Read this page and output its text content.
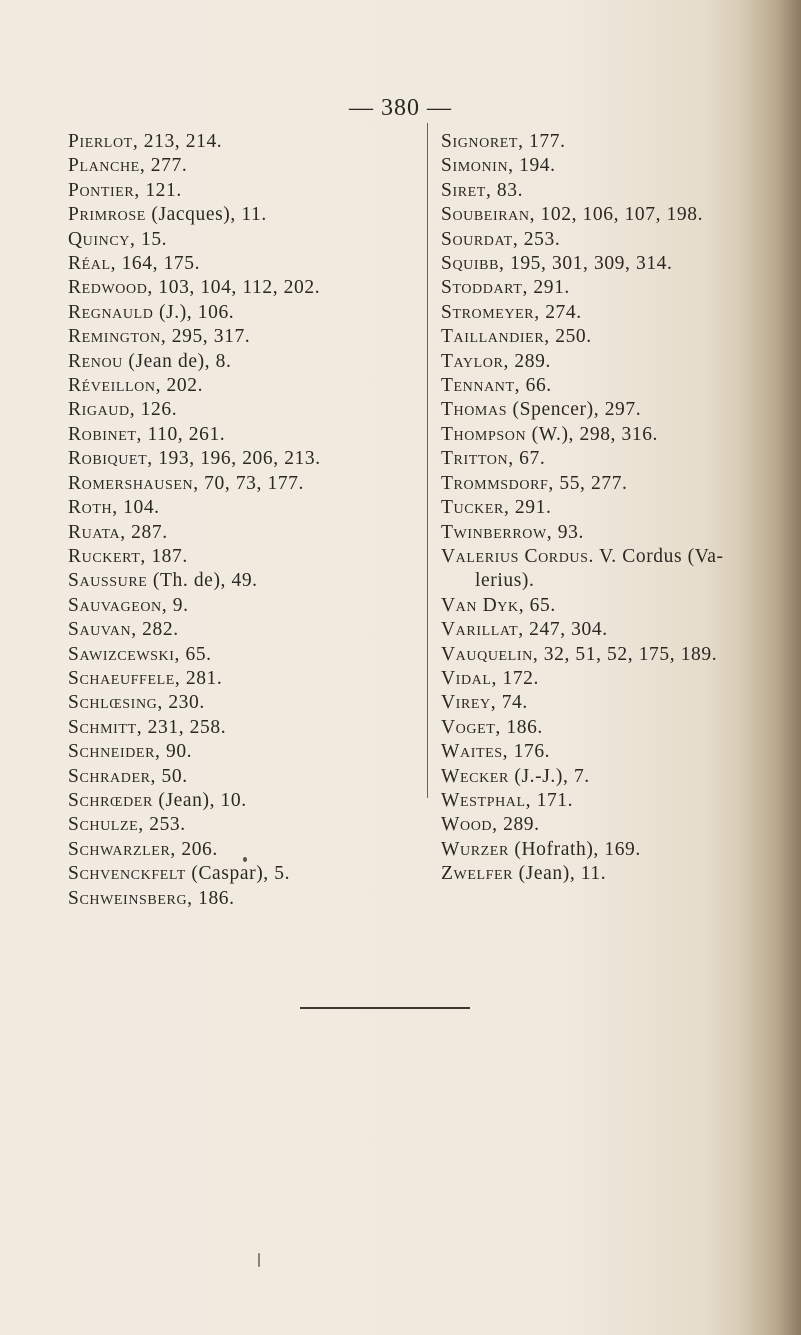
— 380 —
Pierlot, 213, 214.
Planche, 277.
Pontier, 121.
Primrose (Jacques), 11.
Quincy, 15.
Réal, 164, 175.
Redwood, 103, 104, 112, 202.
Regnauld (J.), 106.
Remington, 295, 317.
Renou (Jean de), 8.
Réveillon, 202.
Rigaud, 126.
Robinet, 110, 261.
Robiquet, 193, 196, 206, 213.
Romershausen, 70, 73, 177.
Roth, 104.
Ruata, 287.
Ruckert, 187.
Saussure (Th. de), 49.
Sauvageon, 9.
Sauvan, 282.
Sawizcewski, 65.
Schaeuffele, 281.
Schlœsing, 230.
Schmitt, 231, 258.
Schneider, 90.
Schrader, 50.
Schrœder (Jean), 10.
Schulze, 253.
Schwarzler, 206.
Schvenckfelt (Caspar), 5.
Schweinsberg, 186.
Signoret, 177.
Simonin, 194.
Siret, 83.
Soubeiran, 102, 106, 107, 198.
Sourdat, 253.
Squibb, 195, 301, 309, 314.
Stoddart, 291.
Stromeyer, 274.
Taillandier, 250.
Taylor, 289.
Tennant, 66.
Thomas (Spencer), 297.
Thompson (W.), 298, 316.
Tritton, 67.
Trommsdorf, 55, 277.
Tucker, 291.
Twinberrow, 93.
Valerius Cordus. V. Cordus (Va-
lerius).
Van Dyk, 65.
Varillat, 247, 304.
Vauquelin, 32, 51, 52, 175, 189.
Vidal, 172.
Virey, 74.
Voget, 186.
Waites, 176.
Wecker (J.-J.), 7.
Westphal, 171.
Wood, 289.
Wurzer (Hofrath), 169.
Zwelfer (Jean), 11.
